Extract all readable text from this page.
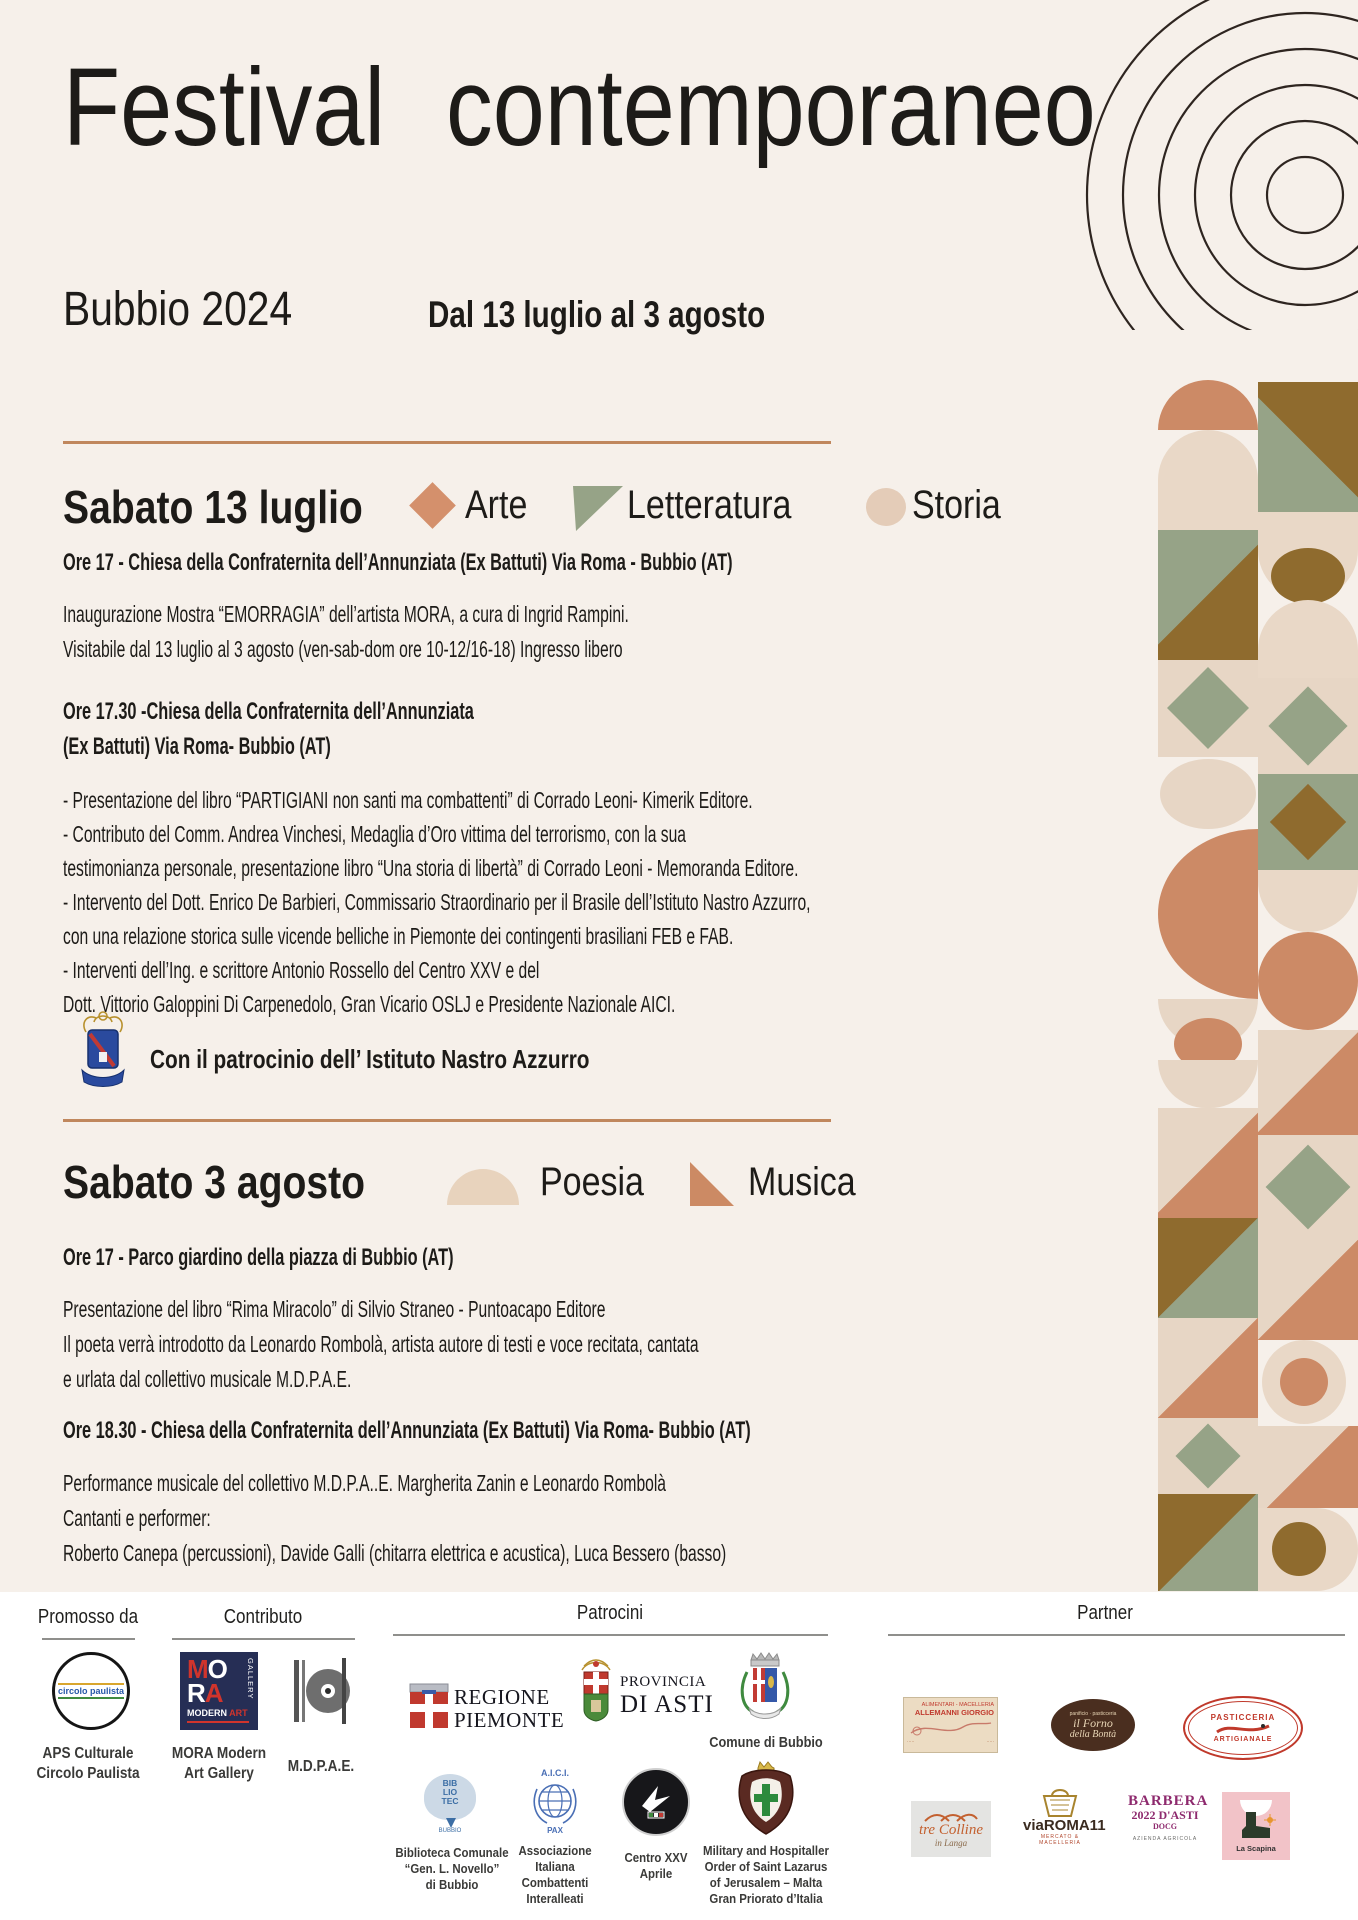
Festival contemporaneo
Bubbio 2024	Dal 13 luglio al 3 agosto
Sabato 13 luglio	Arte Letteratura	Storia
Ore 17 - Chiesa della Confraternita dell’Annunziata (Ex Battuti) Via Roma - Bubbio (AT)
Inaugurazione Mostra “EMORRAGIA” dell’artista MORA, a cura di Ingrid Rampini.
Visitabile dal 13 luglio al 3 agosto (ven-sab-dom ore 10-12/16-18) Ingresso libero
Ore 17.30 -Chiesa della Confraternita dell’Annunziata
(Ex Battuti) Via Roma- Bubbio (AT)
- Presentazione del libro “PARTIGIANI non santi ma combattenti” di Corrado Leoni- Kimerik Editore.
- Contributo del Comm. Andrea Vinchesi, Medaglia d’Oro vittima del terrorismo, con la sua
testimonianza personale, presentazione libro “Una storia di libertà” di Corrado Leoni - Memoranda Editore.
- Intervento del Dott. Enrico De Barbieri, Commissario Straordinario per il Brasile dell’Istituto Nastro Azzurro,
con una relazione storica sulle vicende belliche in Piemonte dei contingenti brasiliani FEB e FAB.
- Interventi dell’Ing. e scrittore Antonio Rossello del Centro XXV e del
Dott. Vittorio Galoppini Di Carpenedolo, Gran Vicario OSLJ e Presidente Nazionale AICI.
Con il patrocinio dell’ Istituto Nastro Azzurro
Sabato 3 agosto	Poesia	Musica
Ore 17 - Parco giardino della piazza di Bubbio (AT)
Presentazione del libro “Rima Miracolo” di Silvio Straneo - Puntoacapo Editore
Il poeta verrà introdotto da Leonardo Rombolà, artista autore di testi e voce recitata, cantata
e urlata dal collettivo musicale M.D.P.A.E.
Ore 18.30 - Chiesa della Confraternita dell’Annunziata (Ex Battuti) Via Roma- Bubbio (AT)
Performance musicale del collettivo M.D.P.A..E. Margherita Zanin e Leonardo Rombolà
Cantanti e performer:
Roberto Canepa (percussioni), Davide Galli (chitarra elettrica e acustica), Luca Bessero (basso)
Promosso da	Contributo	Patrocini	Partner
circolo paulista
APS Culturale
Circolo Paulista
MO
RA	GALLERY
MODERN ART
MORA Modern
Art Gallery	M.D.P.A.E.
REGIONE
PIEMONTE
PROVINCIA
DI ASTI
Comune di Bubbio
BIB
LIO
TEC
BUBBIO
Biblioteca Comunale
“Gen. L. Novello”
di Bubbio
A.I.C.I.
PAX
Associazione
Italiana
Combattenti
Interalleati
Centro XXV
Aprile
Military and Hospitaller
Order of Saint Lazarus
of Jerusalem – Malta
Gran Priorato d’Italia
ALIMENTARI - MACELLERIA
ALLEMANNI GIORGIO
·····	·····
panificio · pasticceria
il Forno
della Bontà
PASTICCERIA
ARTIGIANALE
tre Colline
in Langa
viaROMA11
MERCATO & MACELLERIA
BARBERA
2022 D'ASTI
DOCG
AZIENDA AGRICOLA
La Scapina
